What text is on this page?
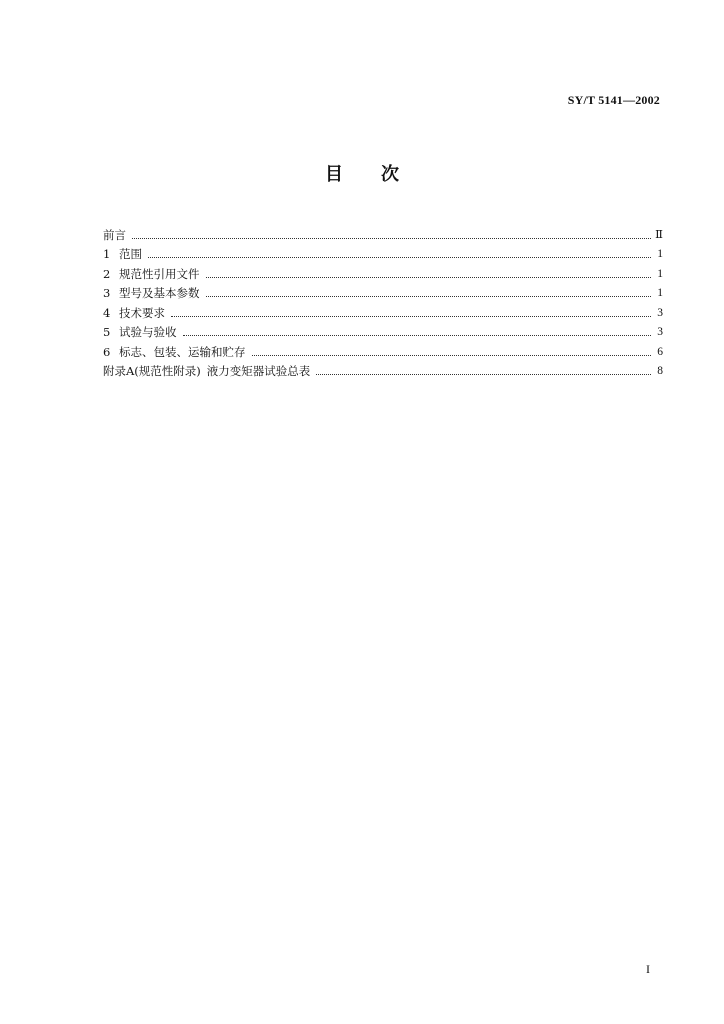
SY/T 5141—2002
目 次
前言	Ⅱ
1 范围	1
2 规范性引用文件	1
3 型号及基本参数	1
4 技术要求	3
5 试验与验收	3
6 标志、包装、运输和贮存	6
附录A(规范性附录) 液力变矩器试验总表	8
I
